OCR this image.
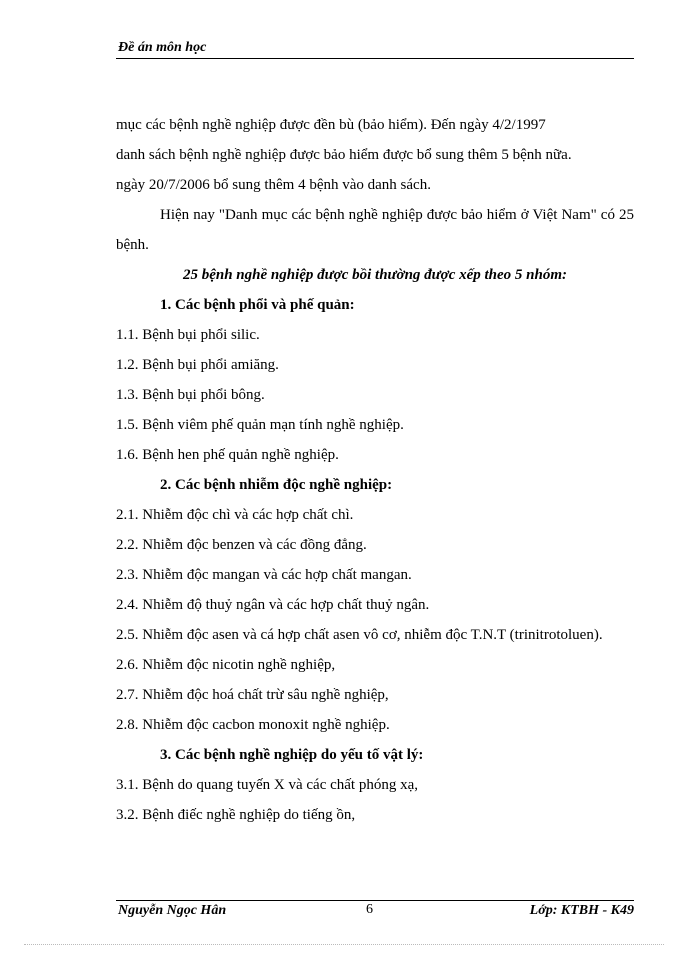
Đề án môn học

mục các bệnh nghề nghiệp được đền bù (bảo hiểm). Đến ngày 4/2/1997

danh sách bệnh nghề nghiệp được bảo hiểm được bổ sung thêm 5 bệnh nữa.

ngày 20/7/2006 bổ sung thêm 4 bệnh vào danh sách.

Hiện nay "Danh mục các bệnh nghề nghiệp được bảo hiểm ở Việt Nam" có 25 bệnh.

25 bệnh nghề nghiệp được bồi thường được xếp theo 5 nhóm:

1. Các bệnh phổi và phế quản:

1.1. Bệnh bụi phổi silic.

1.2. Bệnh bụi phổi amiăng.

1.3. Bệnh bụi phổi bông.

1.5. Bệnh viêm phế quản mạn tính nghề nghiệp.

1.6. Bệnh hen phế quản nghề nghiệp.

2. Các bệnh nhiễm độc nghề nghiệp:

2.1. Nhiễm độc chì và các hợp chất chì.

2.2. Nhiễm độc benzen và các đồng đẳng.

2.3. Nhiễm độc mangan và các hợp chất mangan.

2.4. Nhiễm độ thuỷ ngân và các hợp chất thuỷ ngân.

2.5. Nhiễm độc asen và cá hợp chất asen vô cơ, nhiễm độc T.N.T (trinitrotoluen).

2.6. Nhiễm độc nicotin nghề nghiệp,

2.7. Nhiễm độc hoá chất trừ sâu nghề nghiệp,

2.8. Nhiễm độc cacbon monoxit nghề nghiệp.

3. Các bệnh nghề nghiệp do yếu tố vật lý:

3.1. Bệnh do quang tuyến X và các chất phóng xạ,

3.2. Bệnh điếc nghề nghiệp do tiếng ồn,

Nguyễn Ngọc Hân	6	Lớp: KTBH - K49
